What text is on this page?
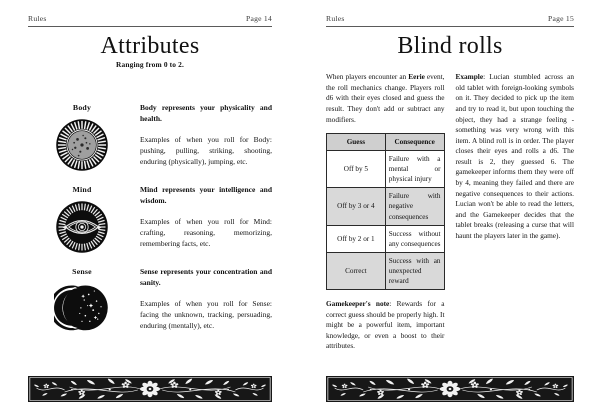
Rules	Page 14
Attributes
Ranging from 0 to 2.
Body	Body represents your physicality and health.

Examples of when you roll for Body: pushing, pulling, striking, shooting, enduring (physically), jumping, etc.

Mind	Mind represents your intelligence and wisdom.

Examples of when you roll for Mind: crafting, reasoning, memorizing, remembering facts, etc.

Sense	Sense represents your concentration and sanity.

Examples of when you roll for Sense: facing the unknown, tracking, persuading, enduring (mentally), etc.

Rules	Page 15
Blind rolls

When players encounter an Eerie event, the roll mechanics change. Players roll d6 with their eyes closed and guess the result. They don't add or subtract any modifiers.

Guess	Consequence
Off by 5	Failure with a mental or physical injury
Off by 3 or 4	Failure with negative consequences
Off by 2 or 1	Success without any consequences
Correct	Success with an unexpected reward

Gamekeeper's note: Rewards for a correct guess should be properly high. It might be a powerful item, important knowledge, or even a boost to their attributes.

Example: Lucian stumbled across an old tablet with foreign-looking symbols on it. They decided to pick up the item and try to read it, but upon touching the object, they had a strange feeling - something was very wrong with this item. A blind roll is in order. The player closes their eyes and rolls a d6. The result is 2, they guessed 6. The gamekeeper informs them they were off by 4, meaning they failed and there are negative consequences to their actions. Lucian won't be able to read the letters, and the Gamekeeper decides that the tablet breaks (releasing a curse that will haunt the players later in the game).
